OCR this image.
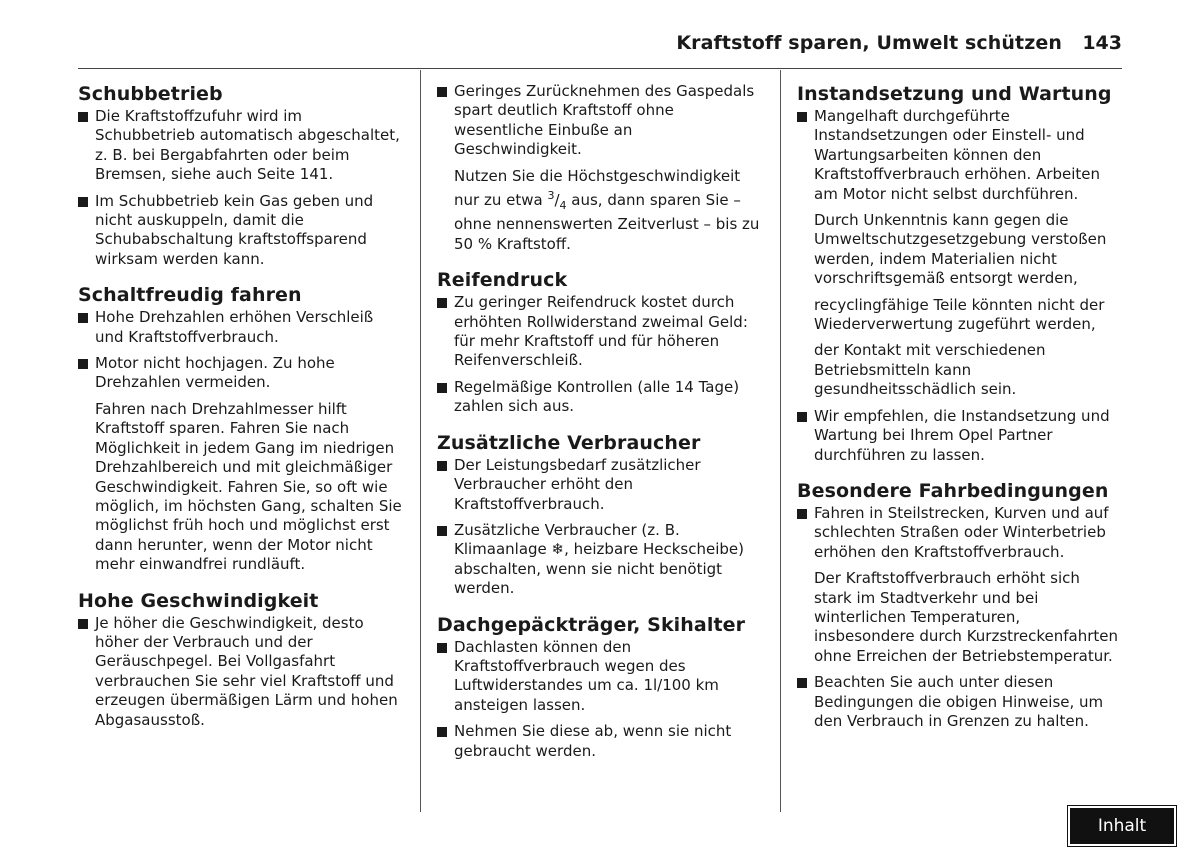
Kraftstoff sparen, Umwelt schützen 143
Schubbetrieb
Die Kraftstoffzufuhr wird im Schubbetrieb automatisch abgeschaltet, z. B. bei Bergabfahrten oder beim Bremsen, siehe auch Seite 141.
Im Schubbetrieb kein Gas geben und nicht auskuppeln, damit die Schubabschaltung kraftstoffsparend wirksam werden kann.
Schaltfreudig fahren
Hohe Drehzahlen erhöhen Verschleiß und Kraftstoffverbrauch.
Motor nicht hochjagen. Zu hohe Drehzahlen vermeiden.
Fahren nach Drehzahlmesser hilft Kraftstoff sparen. Fahren Sie nach Möglichkeit in jedem Gang im niedrigen Drehzahlbereich und mit gleichmäßiger Geschwindigkeit. Fahren Sie, so oft wie möglich, im höchsten Gang, schalten Sie möglichst früh hoch und möglichst erst dann herunter, wenn der Motor nicht mehr einwandfrei rundläuft.
Hohe Geschwindigkeit
Je höher die Geschwindigkeit, desto höher der Verbrauch und der Geräuschpegel. Bei Vollgasfahrt verbrauchen Sie sehr viel Kraftstoff und erzeugen übermäßigen Lärm und hohen Abgasausstoß.
Geringes Zurücknehmen des Gaspedals spart deutlich Kraftstoff ohne wesentliche Einbuße an Geschwindigkeit.
Nutzen Sie die Höchstgeschwindigkeit nur zu etwa $^3/_4$ aus, dann sparen Sie – ohne nennenswerten Zeitverlust – bis zu 50 % Kraftstoff.
Reifendruck
Zu geringer Reifendruck kostet durch erhöhten Rollwiderstand zweimal Geld: für mehr Kraftstoff und für höheren Reifenverschleiß.
Regelmäßige Kontrollen (alle 14 Tage) zahlen sich aus.
Zusätzliche Verbraucher
Der Leistungsbedarf zusätzlicher Verbraucher erhöht den Kraftstoffverbrauch.
Zusätzliche Verbraucher (z. B. Klimaanlage ❄, heizbare Heckscheibe) abschalten, wenn sie nicht benötigt werden.
Dachgepäckträger, Skihalter
Dachlasten können den Kraftstoffverbrauch wegen des Luftwiderstandes um ca. 1l/100 km ansteigen lassen.
Nehmen Sie diese ab, wenn sie nicht gebraucht werden.
Instandsetzung und Wartung
Mangelhaft durchgeführte Instandsetzungen oder Einstell- und Wartungsarbeiten können den Kraftstoffverbrauch erhöhen. Arbeiten am Motor nicht selbst durchführen.
Durch Unkenntnis kann gegen die Umweltschutzgesetzgebung verstoßen werden, indem Materialien nicht vorschriftsgemäß entsorgt werden,
recyclingfähige Teile könnten nicht der Wiederverwertung zugeführt werden,
der Kontakt mit verschiedenen Betriebsmitteln kann gesundheitsschädlich sein.
Wir empfehlen, die Instandsetzung und Wartung bei Ihrem Opel Partner durchführen zu lassen.
Besondere Fahrbedingungen
Fahren in Steilstrecken, Kurven und auf schlechten Straßen oder Winterbetrieb erhöhen den Kraftstoffverbrauch.
Der Kraftstoffverbrauch erhöht sich stark im Stadtverkehr und bei winterlichen Temperaturen, insbesondere durch Kurzstreckenfahrten ohne Erreichen der Betriebstemperatur.
Beachten Sie auch unter diesen Bedingungen die obigen Hinweise, um den Verbrauch in Grenzen zu halten.
Inhalt
